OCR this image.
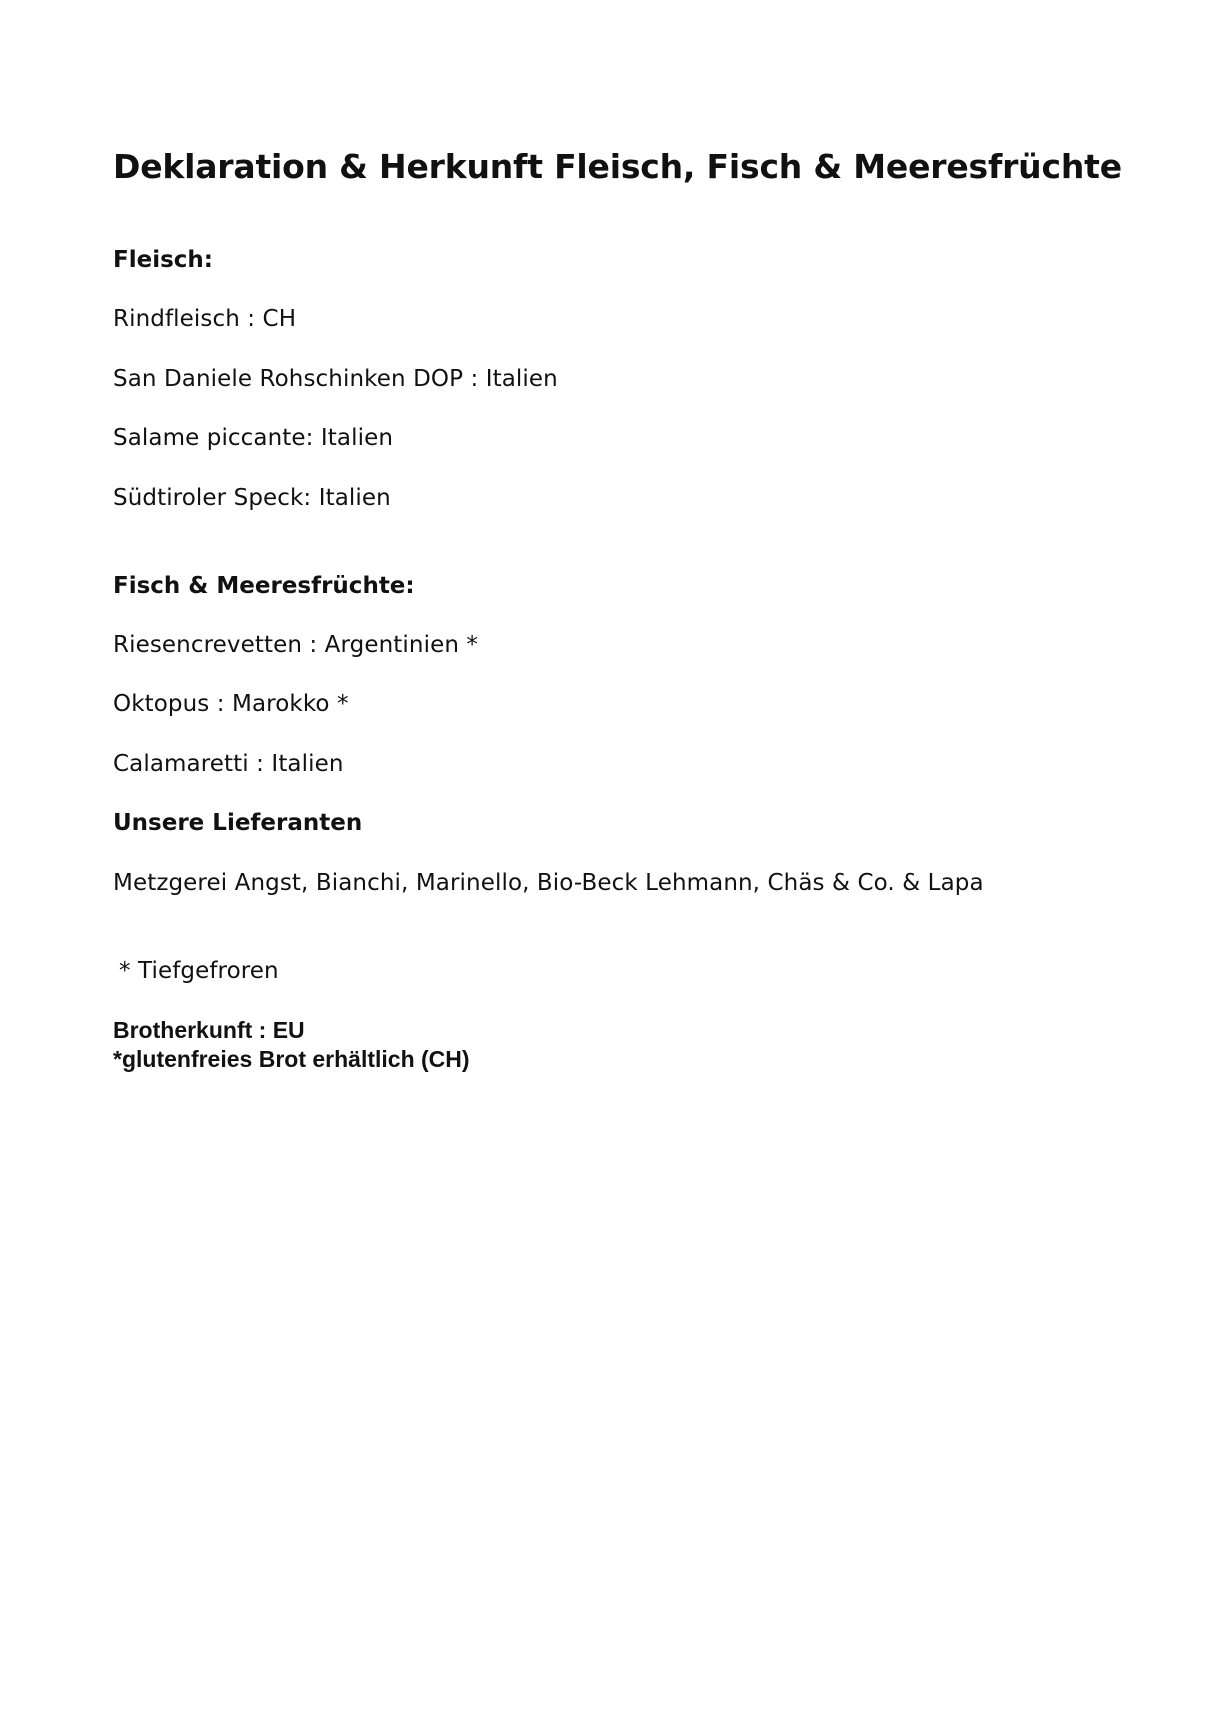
Deklaration & Herkunft Fleisch, Fisch & Meeresfrüchte
Fleisch:

Rindfleisch : CH

San Daniele Rohschinken DOP : Italien

Salame piccante: Italien

Südtiroler Speck: Italien

Fisch & Meeresfrüchte:

Riesencrevetten : Argentinien *

Oktopus : Marokko *

Calamaretti : Italien

Unsere Lieferanten

Metzgerei Angst, Bianchi, Marinello, Bio-Beck Lehmann, Chäs & Co. & Lapa

* Tiefgefroren

Brotherkunft : EU

*glutenfreies Brot erhältlich (CH)
